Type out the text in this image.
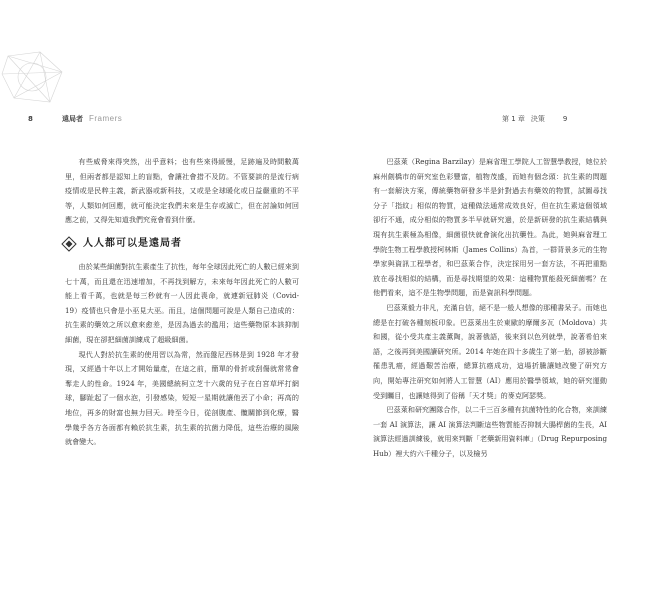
8	遠局者 Framers	第 1 章 決策	9

有些威脅來得突然，出乎意料；也有些來得緩慢，足跡遍及時間數萬里，但兩者都是認知上的盲點，會讓社會措不及防。不管要談的是流行病疫情或是民粹主義，新武器或新科技，又或是全球暖化或日益嚴重的不平等，人類如何回應，就可能決定我們未來是生存或滅亡，但在討論如何回應之前，又得先知道我們究竟會看到什麼。

人人都可以是遠局者

由於某些細菌對抗生素產生了抗性，每年全球因此死亡的人數已經來到七十萬，而且還在迅速增加，不再找到解方，未來每年因此死亡的人數可能上看千萬，也就是每三秒就有一人因此喪命，就連新冠肺炎（Covid-19）疫情也只會是小巫見大巫。而且，這個問題可說是人類自己造成的：抗生素的藥效之所以愈來愈差，是因為過去的濫用；這些藥物原本該抑制細菌，現在卻把細菌訓練成了超級細菌。

現代人對於抗生素的使用習以為常，然而盤尼西林是到 1928 年才發現，又經過十年以上才開始量產，在這之前，簡單的骨折或刮傷就常常會奪走人的性命。1924 年，美國總統柯立芝十六歲的兒子在白宮草坪打網球，腳趾起了一個水泡，引發感染，短短一星期就讓他丟了小命；再高的地位，再多的財富也無力回天。時至今日，從剖腹產、髖關節到化療，醫學幾乎各方各面都有賴於抗生素，抗生素的抗菌力降低，這些治療的風險就會變大。

巴茲萊（Regina Barzilay）是麻省理工學院人工智慧學教授，她位於麻州劍橋市的研究室色彩豐富，植物茂盛，而她有個念頭：抗生素的問題有一套解決方案，傳統藥物研發多半是針對過去有藥效的物質，試圖尋找分子「指紋」相似的物質，這種做法通常成效良好，但在抗生素這個領域卻行不通，成分相似的物質多半早就研究過，於是新研發的抗生素結構與現有抗生素極為相像，細菌很快就會演化出抗藥性。為此，她與麻省理工學院生物工程學教授柯林斯（James Collins）為首，一群背景多元的生物學家與資訊工程學者，和巴茲萊合作，決定採用另一套方法，不再把重點放在尋找相似的結構，而是尋找期望的效果：這種物質能殺死細菌嗎？在他們看來，這不是生物學問題，而是資訊科學問題。

巴茲萊毅力非凡，充滿自信，絕不是一般人想像的那種書呆子。而她也總是在打破各種刻板印象。巴茲萊出生於東歐的摩爾多瓦（Moldova）共和國，從小受共產主義薰陶，說著俄語，後來到以色列就學，說著希伯來語，之後再到美國讀研究所。2014 年她在四十多歲生了第一胎，卻被診斷罹患乳癌，經過艱苦治療，總算抗癌成功，這場折騰讓她改變了研究方向，開始專注研究如何將人工智慧（AI）應用於醫學領域，她的研究運動受到矚目，也讓她得到了俗稱「天才獎」的麥克阿瑟獎。

巴茲萊和研究團隊合作，以二千三百多種有抗菌特性的化合物，來訓練一套 AI 演算法，讓 AI 演算法判斷這些物質能否抑制大腸桿菌的生長，AI 演算法經過訓練後，就用來判斷「老藥新用資料庫」（Drug Repurposing Hub）裡大約六千種分子，以及檢另
